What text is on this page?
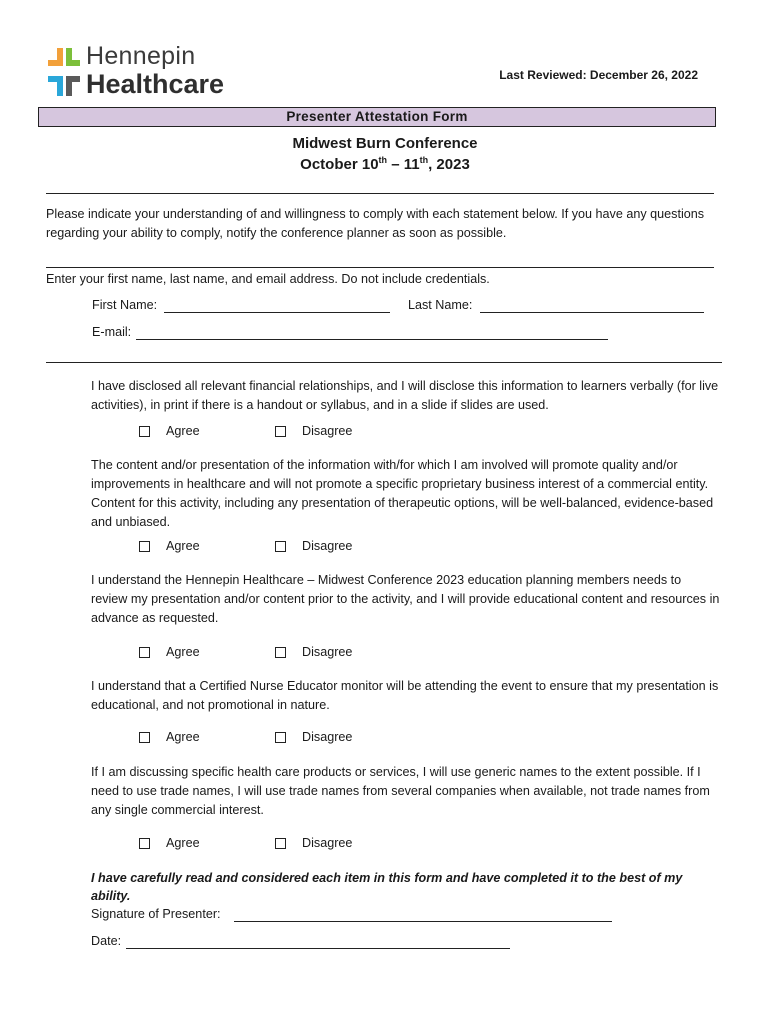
Hennepin
Healthcare	Last Reviewed: December 26, 2022
Presenter Attestation Form
Midwest Burn Conference
October 10th – 11th, 2023
Please indicate your understanding of and willingness to comply with each statement below. If you have any questions regarding your ability to comply, notify the conference planner as soon as possible.
Enter your first name, last name, and email address. Do not include credentials.
First Name:	Last Name:
E-mail:
I have disclosed all relevant financial relationships, and I will disclose this information to learners verbally (for live activities), in print if there is a handout or syllabus, and in a slide if slides are used.
Agree	Disagree
The content and/or presentation of the information with/for which I am involved will promote quality and/or improvements in healthcare and will not promote a specific proprietary business interest of a commercial entity. Content for this activity, including any presentation of therapeutic options, will be well-balanced, evidence-based and unbiased.
Agree	Disagree
I understand the Hennepin Healthcare – Midwest Conference 2023 education planning members needs to review my presentation and/or content prior to the activity, and I will provide educational content and resources in advance as requested.
Agree	Disagree
I understand that a Certified Nurse Educator monitor will be attending the event to ensure that my presentation is educational, and not promotional in nature.
Agree	Disagree
If I am discussing specific health care products or services, I will use generic names to the extent possible. If I need to use trade names, I will use trade names from several companies when available, not trade names from any single commercial interest.
Agree	Disagree
I have carefully read and considered each item in this form and have completed it to the best of my ability.
Signature of Presenter:
Date:
